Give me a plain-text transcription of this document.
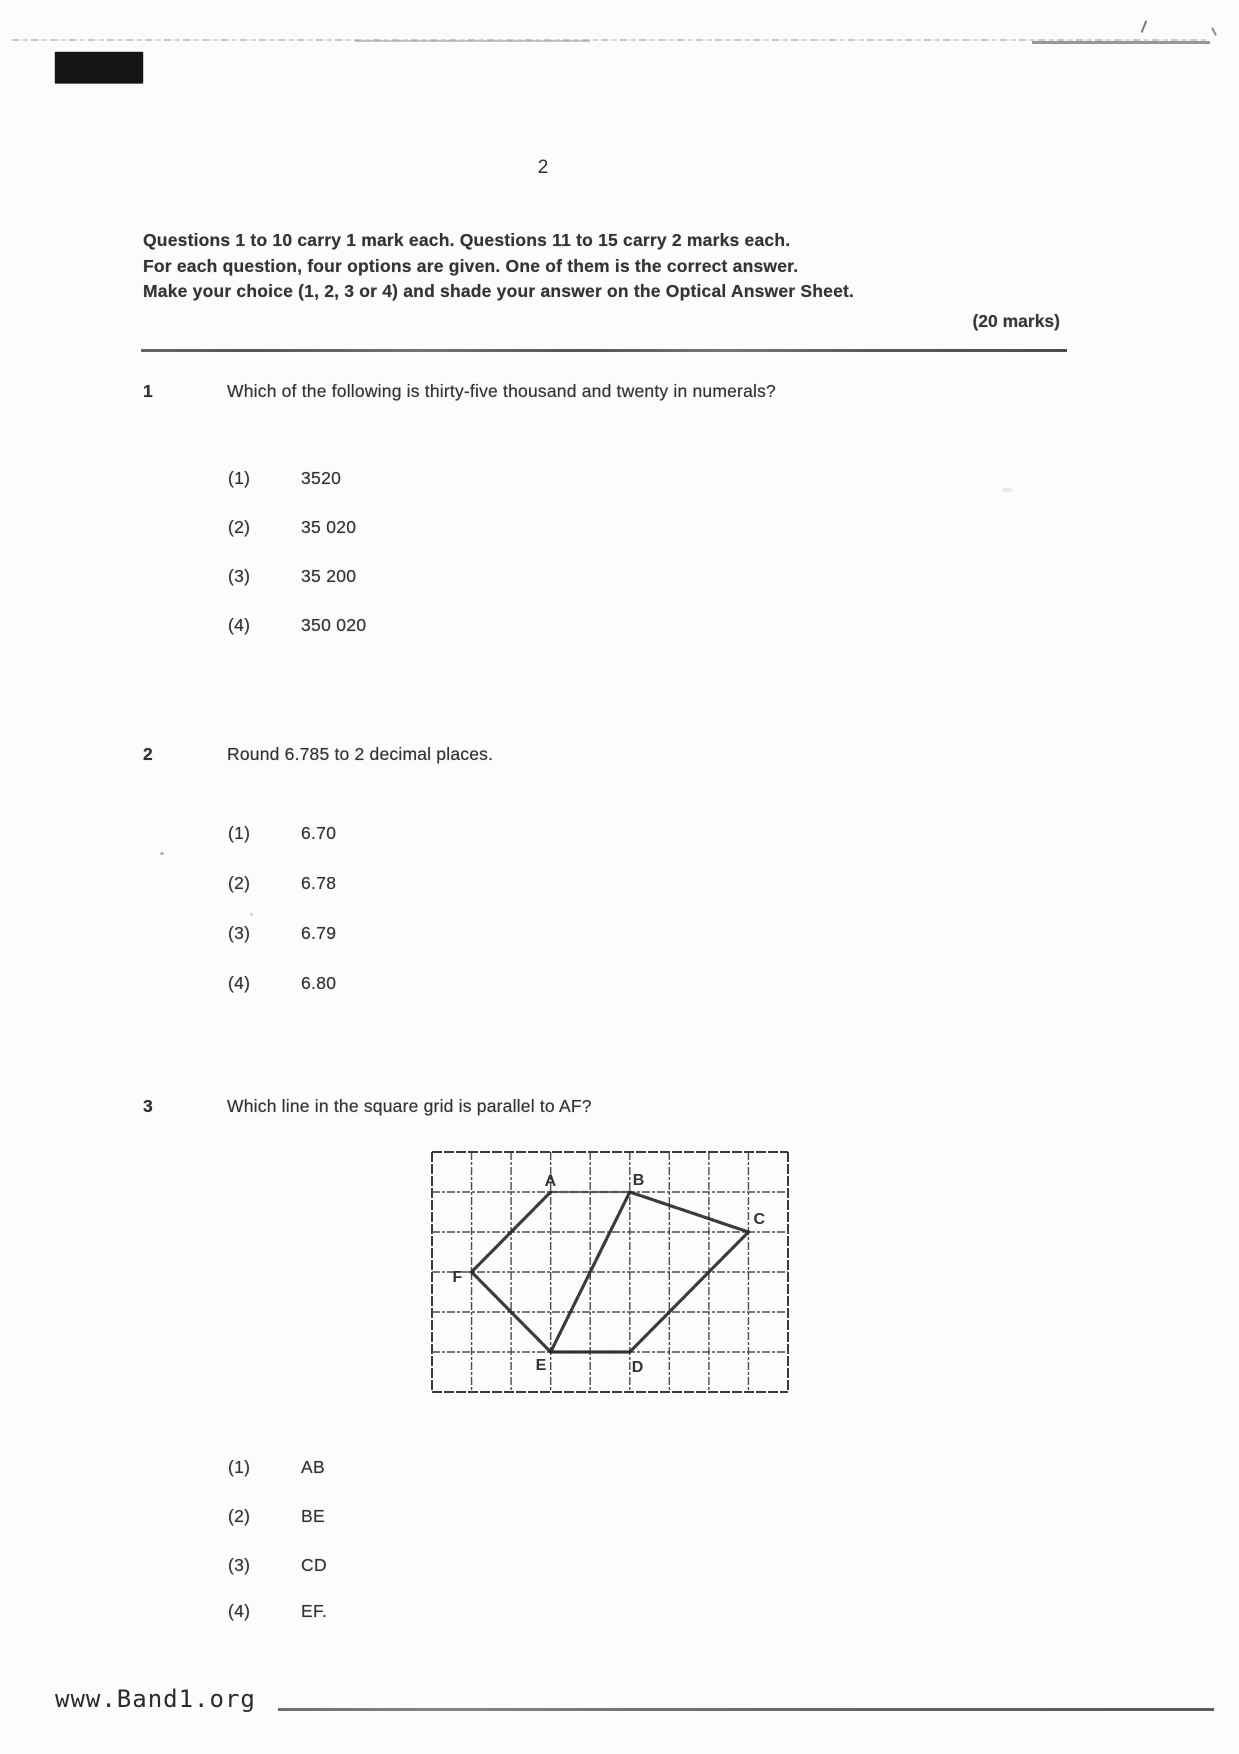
2
Questions 1 to 10 carry 1 mark each. Questions 11 to 15 carry 2 marks each.
For each question, four options are given. One of them is the correct answer.
Make your choice (1, 2, 3 or 4) and shade your answer on the Optical Answer Sheet.
(20 marks)
1	Which of the following is thirty-five thousand and twenty in numerals?
(1)	3520
(2)	35 020
(3)	35 200
(4)	350 020
2	Round 6.785 to 2 decimal places.
(1)	6.70
(2)	6.78
(3)	6.79
(4)	6.80
3	Which line in the square grid is parallel to AF?
A	B
C
D
E
F
(1)	AB
(2)	BE
(3)	CD
(4)	EF.
www.Band1.org
